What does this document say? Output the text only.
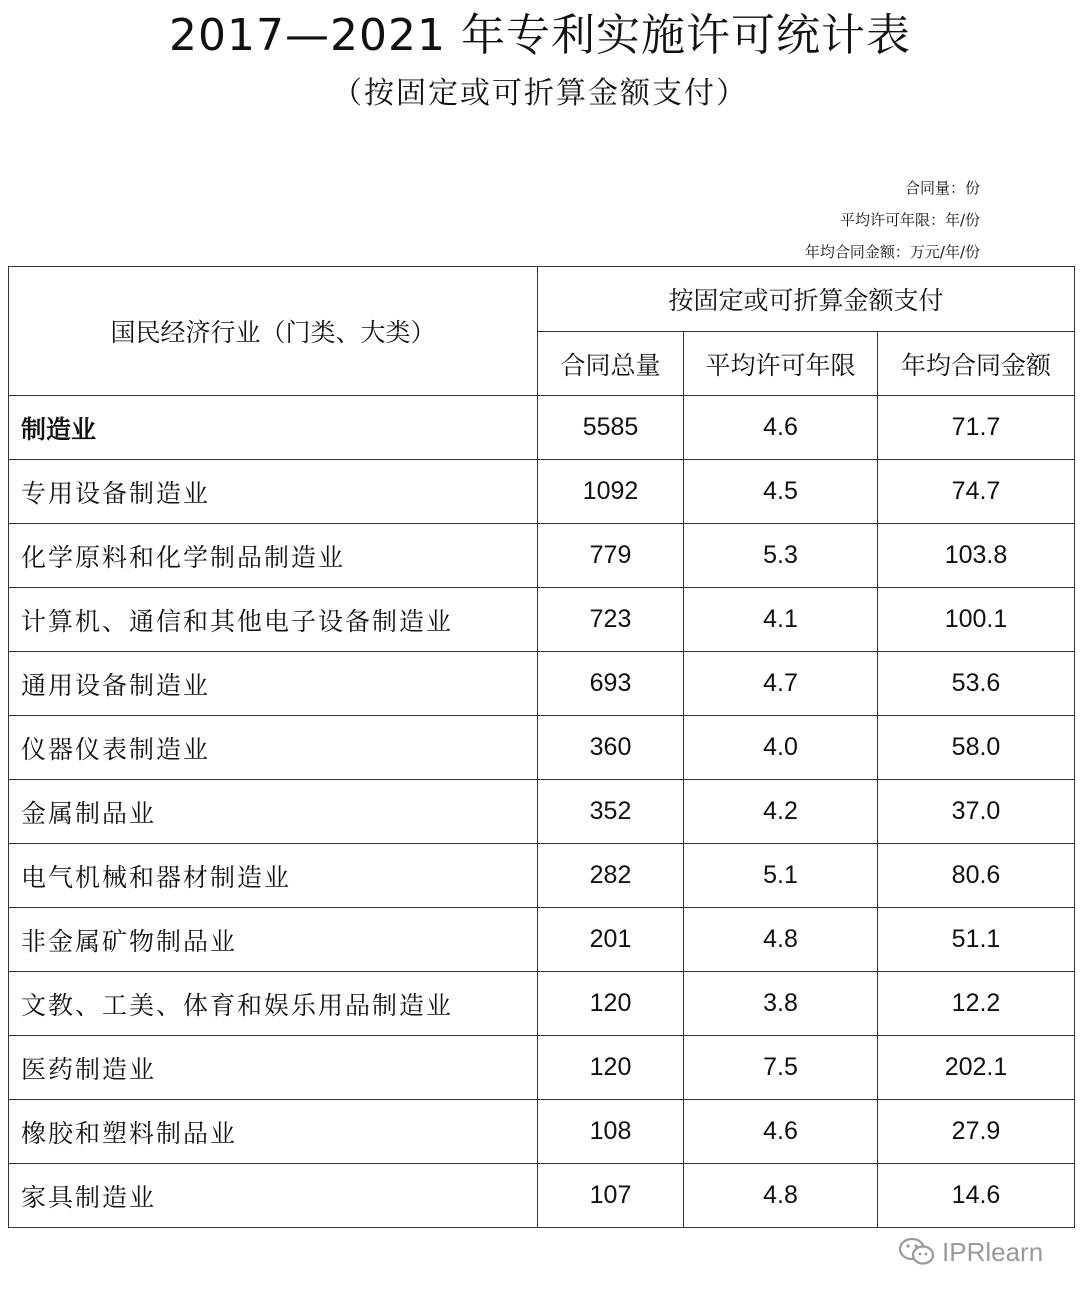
2017—2021 年专利实施许可统计表
（按固定或可折算金额支付）
合同量：份
平均许可年限：年/份
年均合同金额：万元/年/份
国民经济行业（门类、大类）	按固定或可折算金额支付		
	合同总量	平均许可年限	年均合同金额
制造业	5585	4.6	71.7
专用设备制造业	1092	4.5	74.7
化学原料和化学制品制造业	779	5.3	103.8
计算机、通信和其他电子设备制造业	723	4.1	100.1
通用设备制造业	693	4.7	53.6
仪器仪表制造业	360	4.0	58.0
金属制品业	352	4.2	37.0
电气机械和器材制造业	282	5.1	80.6
非金属矿物制品业	201	4.8	51.1
文教、工美、体育和娱乐用品制造业	120	3.8	12.2
医药制造业	120	7.5	202.1
橡胶和塑料制品业	108	4.6	27.9
家具制造业	107	4.8	14.6
IPRlearn
